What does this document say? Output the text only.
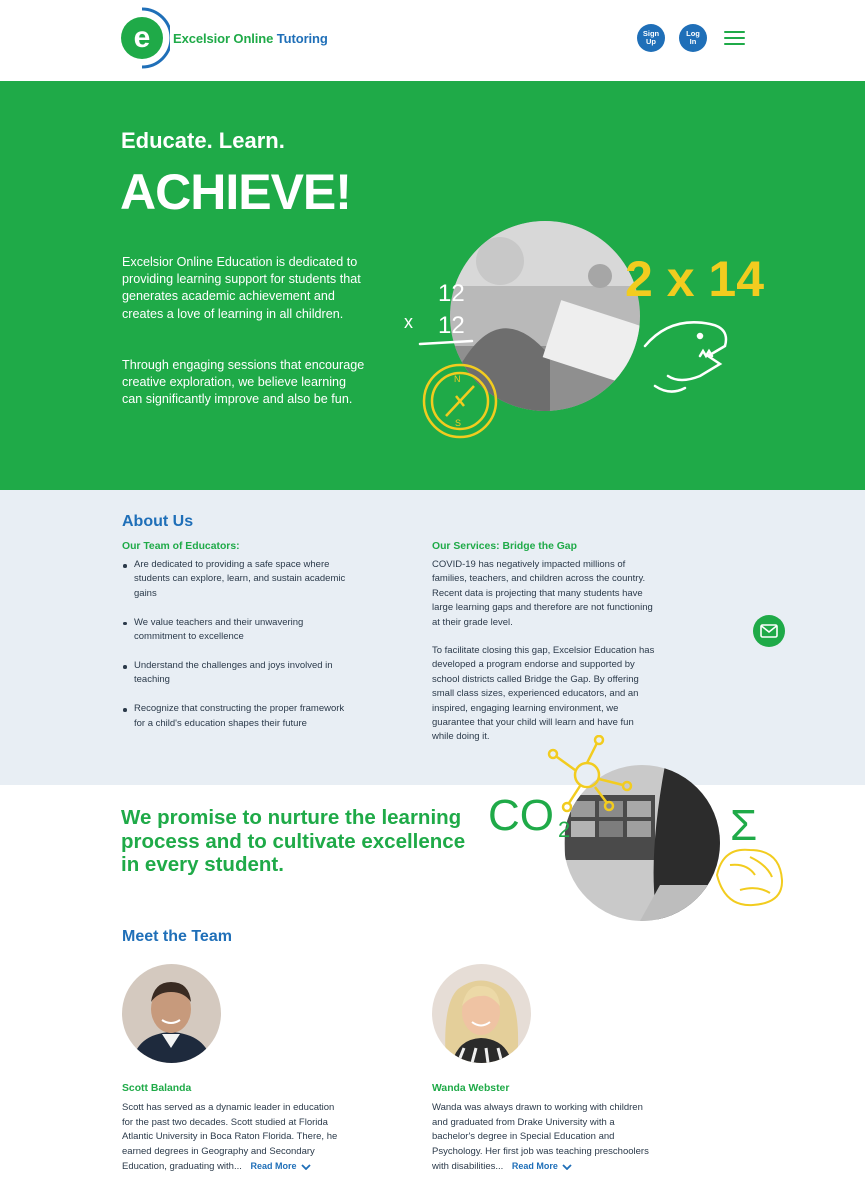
e Excelsior Online Tutoring	Sign Up
Log In
Educate. Learn.
ACHIEVE!

Excelsior Online Education is dedicated to providing learning support for students that generates academic achievement and creates a love of learning in all children.

Through engaging sessions that encourage creative exploration, we believe learning can significantly improve and also be fun.

12
12
x
N
S
2 x 14
About Us
Our Team of Educators:
Are dedicated to providing a safe space where students can explore, learn, and sustain academic gains
We value teachers and their unwavering commitment to excellence
Understand the challenges and joys involved in teaching
Recognize that constructing the proper framework for a child's education shapes their future
Our Services: Bridge the Gap

COVID-19 has negatively impacted millions of families, teachers, and children across the country. Recent data is projecting that many students have large learning gaps and therefore are not functioning at their grade level.

To facilitate closing this gap, Excelsior Education has developed a program endorse and supported by school districts called Bridge the Gap. By offering small class sizes, experienced educators, and an inspired, engaging learning environment, we guarantee that your child will learn and have fun while doing it.

We promise to nurture the learning process and to cultivate excellence in every student.
CO 2	Σ
Meet the Team
Scott Balanda

Scott has served as a dynamic leader in education for the past two decades. Scott studied at Florida Atlantic University in Boca Raton Florida. There, he earned degrees in Geography and Secondary Education, graduating with... Read More

Wanda Webster

Wanda was always drawn to working with children and graduated from Drake University with a bachelor's degree in Special Education and Psychology. Her first job was teaching preschoolers with disabilities... Read More
